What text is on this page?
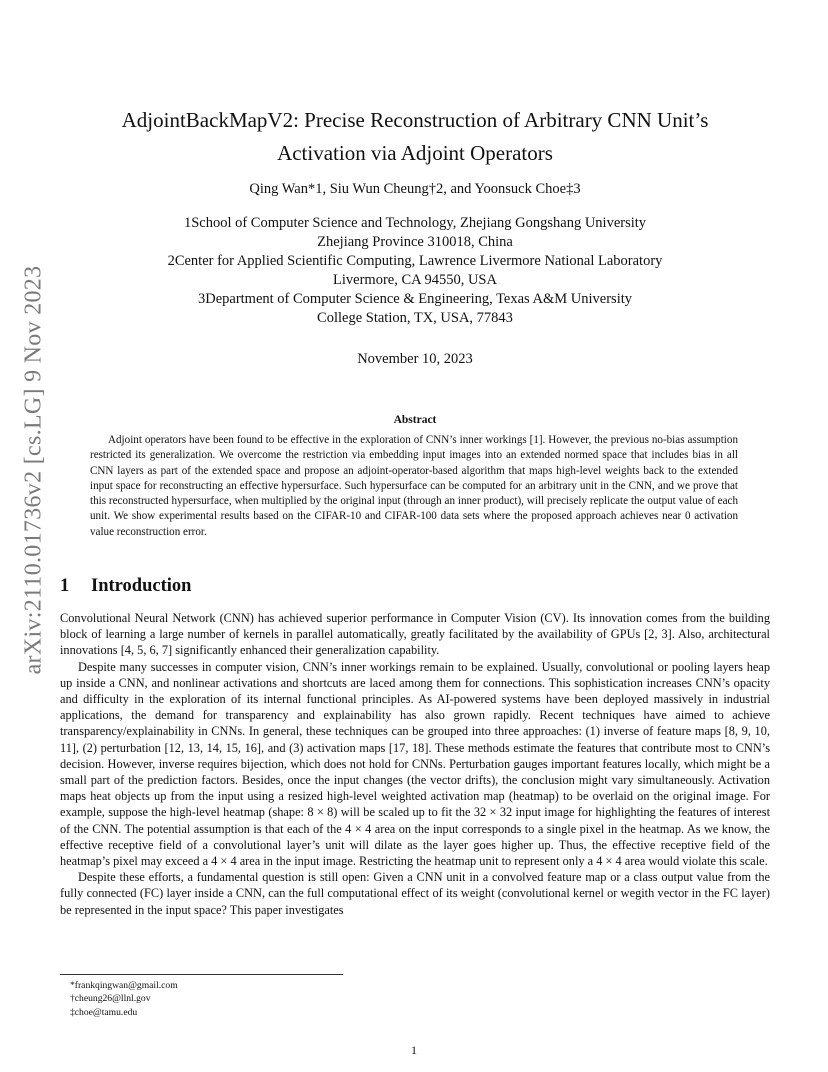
arXiv:2110.01736v2 [cs.LG] 9 Nov 2023
AdjointBackMapV2: Precise Reconstruction of Arbitrary CNN Unit’s
Activation via Adjoint Operators
Qing Wan*1, Siu Wun Cheung†2, and Yoonsuck Choe‡3
1School of Computer Science and Technology, Zhejiang Gongshang University
Zhejiang Province 310018, China
2Center for Applied Scientific Computing, Lawrence Livermore National Laboratory
Livermore, CA 94550, USA
3Department of Computer Science & Engineering, Texas A&M University
College Station, TX, USA, 77843
November 10, 2023
Abstract
Adjoint operators have been found to be effective in the exploration of CNN’s inner workings [1]. However, the previous no-bias assumption restricted its generalization. We overcome the restriction via embedding input images into an extended normed space that includes bias in all CNN layers as part of the extended space and propose an adjoint-operator-based algorithm that maps high-level weights back to the extended input space for reconstructing an effective hypersurface. Such hypersurface can be computed for an arbitrary unit in the CNN, and we prove that this reconstructed hypersurface, when multiplied by the original input (through an inner product), will precisely replicate the output value of each unit. We show experimental results based on the CIFAR-10 and CIFAR-100 data sets where the proposed approach achieves near 0 activation value reconstruction error.
1 Introduction

Convolutional Neural Network (CNN) has achieved superior performance in Computer Vision (CV). Its innovation comes from the building block of learning a large number of kernels in parallel automatically, greatly facilitated by the availability of GPUs [2, 3]. Also, architectural innovations [4, 5, 6, 7] significantly enhanced their generalization capability.

Despite many successes in computer vision, CNN’s inner workings remain to be explained. Usually, convolutional or pooling layers heap up inside a CNN, and nonlinear activations and shortcuts are laced among them for connections. This sophistication increases CNN’s opacity and difficulty in the exploration of its internal functional principles. As AI-powered systems have been deployed massively in industrial applications, the demand for transparency and explainability has also grown rapidly. Recent techniques have aimed to achieve transparency/explainability in CNNs. In general, these techniques can be grouped into three approaches: (1) inverse of feature maps [8, 9, 10, 11], (2) perturbation [12, 13, 14, 15, 16], and (3) activation maps [17, 18]. These methods estimate the features that contribute most to CNN’s decision. However, inverse requires bijection, which does not hold for CNNs. Perturbation gauges important features locally, which might be a small part of the prediction factors. Besides, once the input changes (the vector drifts), the conclusion might vary simultaneously. Activation maps heat objects up from the input using a resized high-level weighted activation map (heatmap) to be overlaid on the original image. For example, suppose the high-level heatmap (shape: 8 × 8) will be scaled up to fit the 32 × 32 input image for highlighting the features of interest of the CNN. The potential assumption is that each of the 4 × 4 area on the input corresponds to a single pixel in the heatmap. As we know, the effective receptive field of a convolutional layer’s unit will dilate as the layer goes higher up. Thus, the effective receptive field of the heatmap’s pixel may exceed a 4 × 4 area in the input image. Restricting the heatmap unit to represent only a 4 × 4 area would violate this scale.

Despite these efforts, a fundamental question is still open: Given a CNN unit in a convolved feature map or a class output value from the fully connected (FC) layer inside a CNN, can the full computational effect of its weight (convolutional kernel or wegith vector in the FC layer) be represented in the input space? This paper investigates

*frankqingwan@gmail.com
†cheung26@llnl.gov
‡choe@tamu.edu
1
